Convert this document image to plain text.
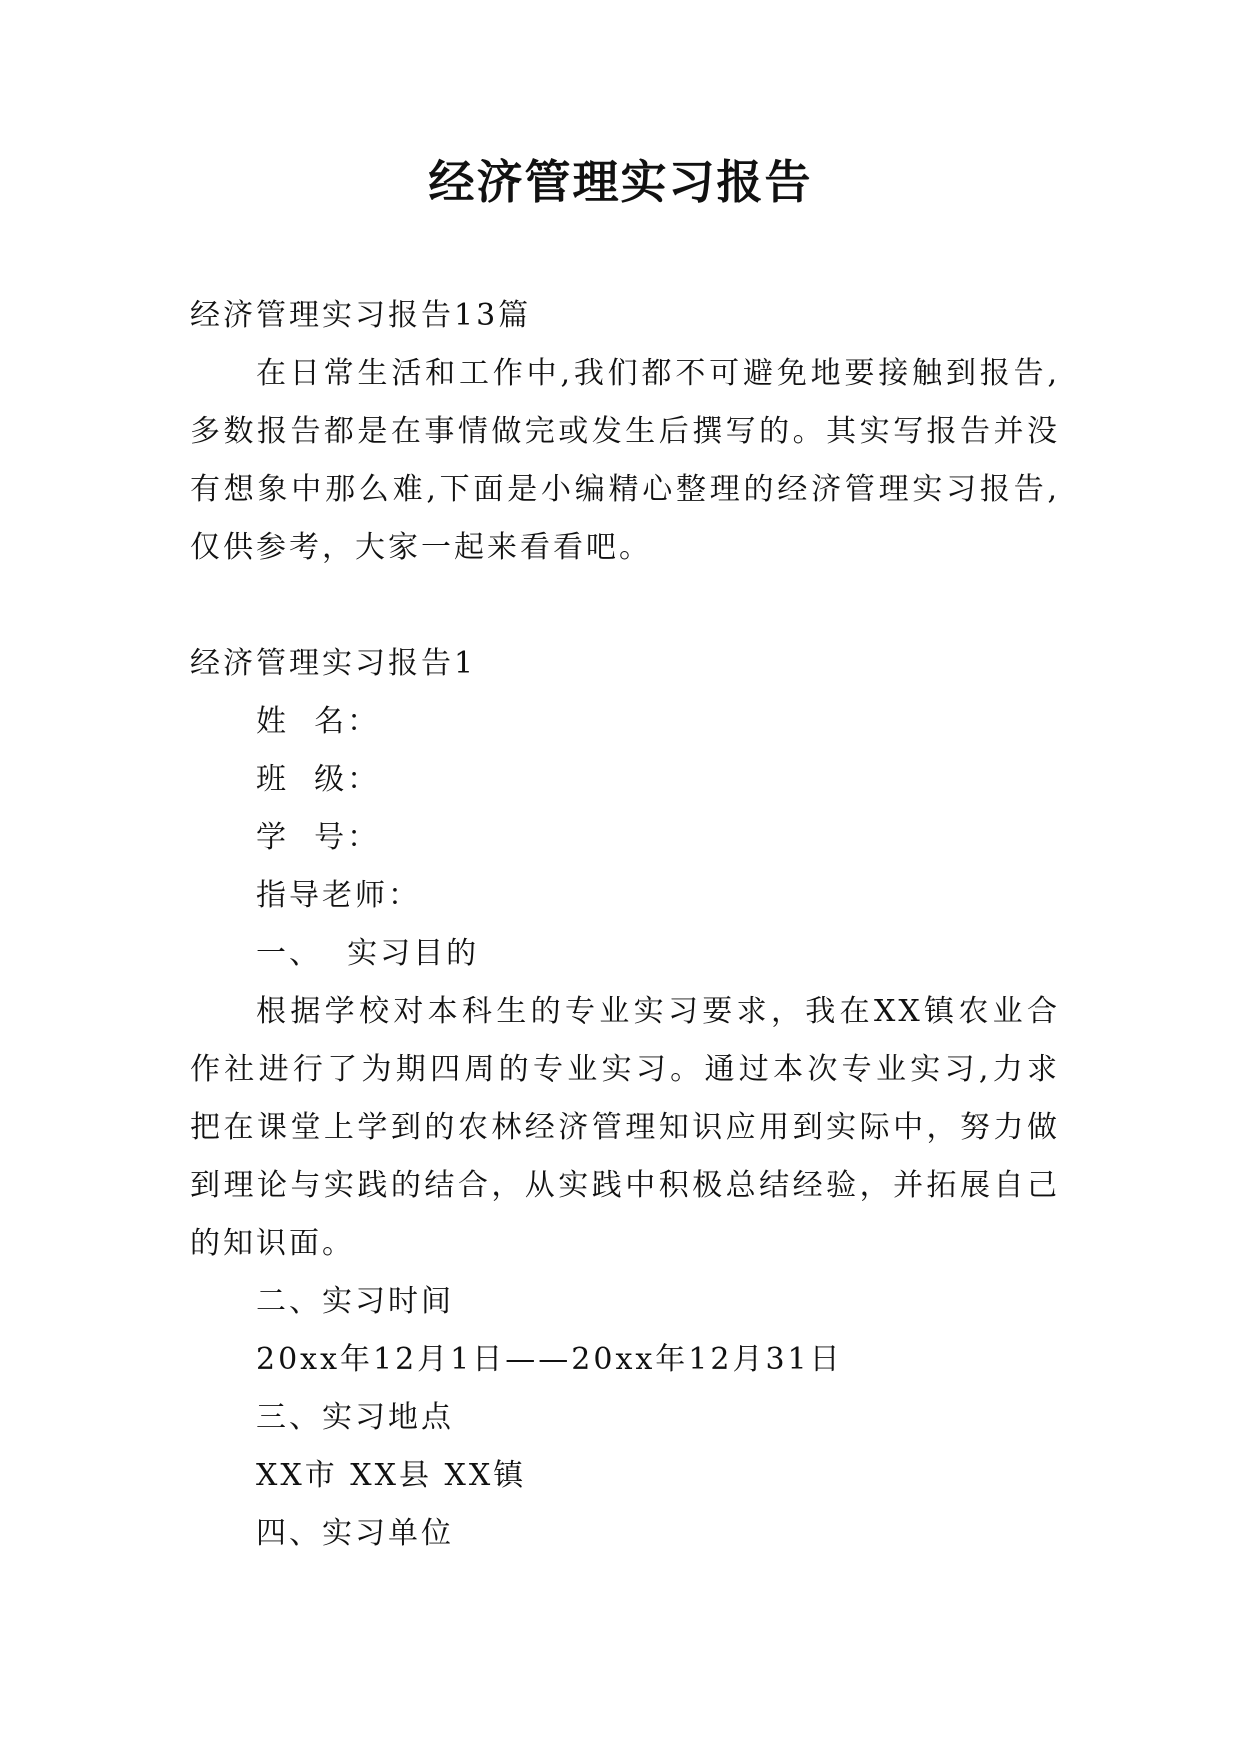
经济管理实习报告

经济管理实习报告13篇

在日常生活和工作中,我们都不可避免地要接触到报告,多数报告都是在事情做完或发生后撰写的。其实写报告并没有想象中那么难,下面是小编精心整理的经济管理实习报告,仅供参考，大家一起来看看吧。

经济管理实习报告1

姓  名：

班  级：

学  号：

指导老师：

一、  实习目的

根据学校对本科生的专业实习要求，我在XX镇农业合作社进行了为期四周的专业实习。通过本次专业实习,力求把在课堂上学到的农林经济管理知识应用到实际中，努力做到理论与实践的结合，从实践中积极总结经验，并拓展自己的知识面。

二、实习时间

20xx年12月1日——20xx年12月31日

三、实习地点

XX市 XX县 XX镇

四、实习单位
